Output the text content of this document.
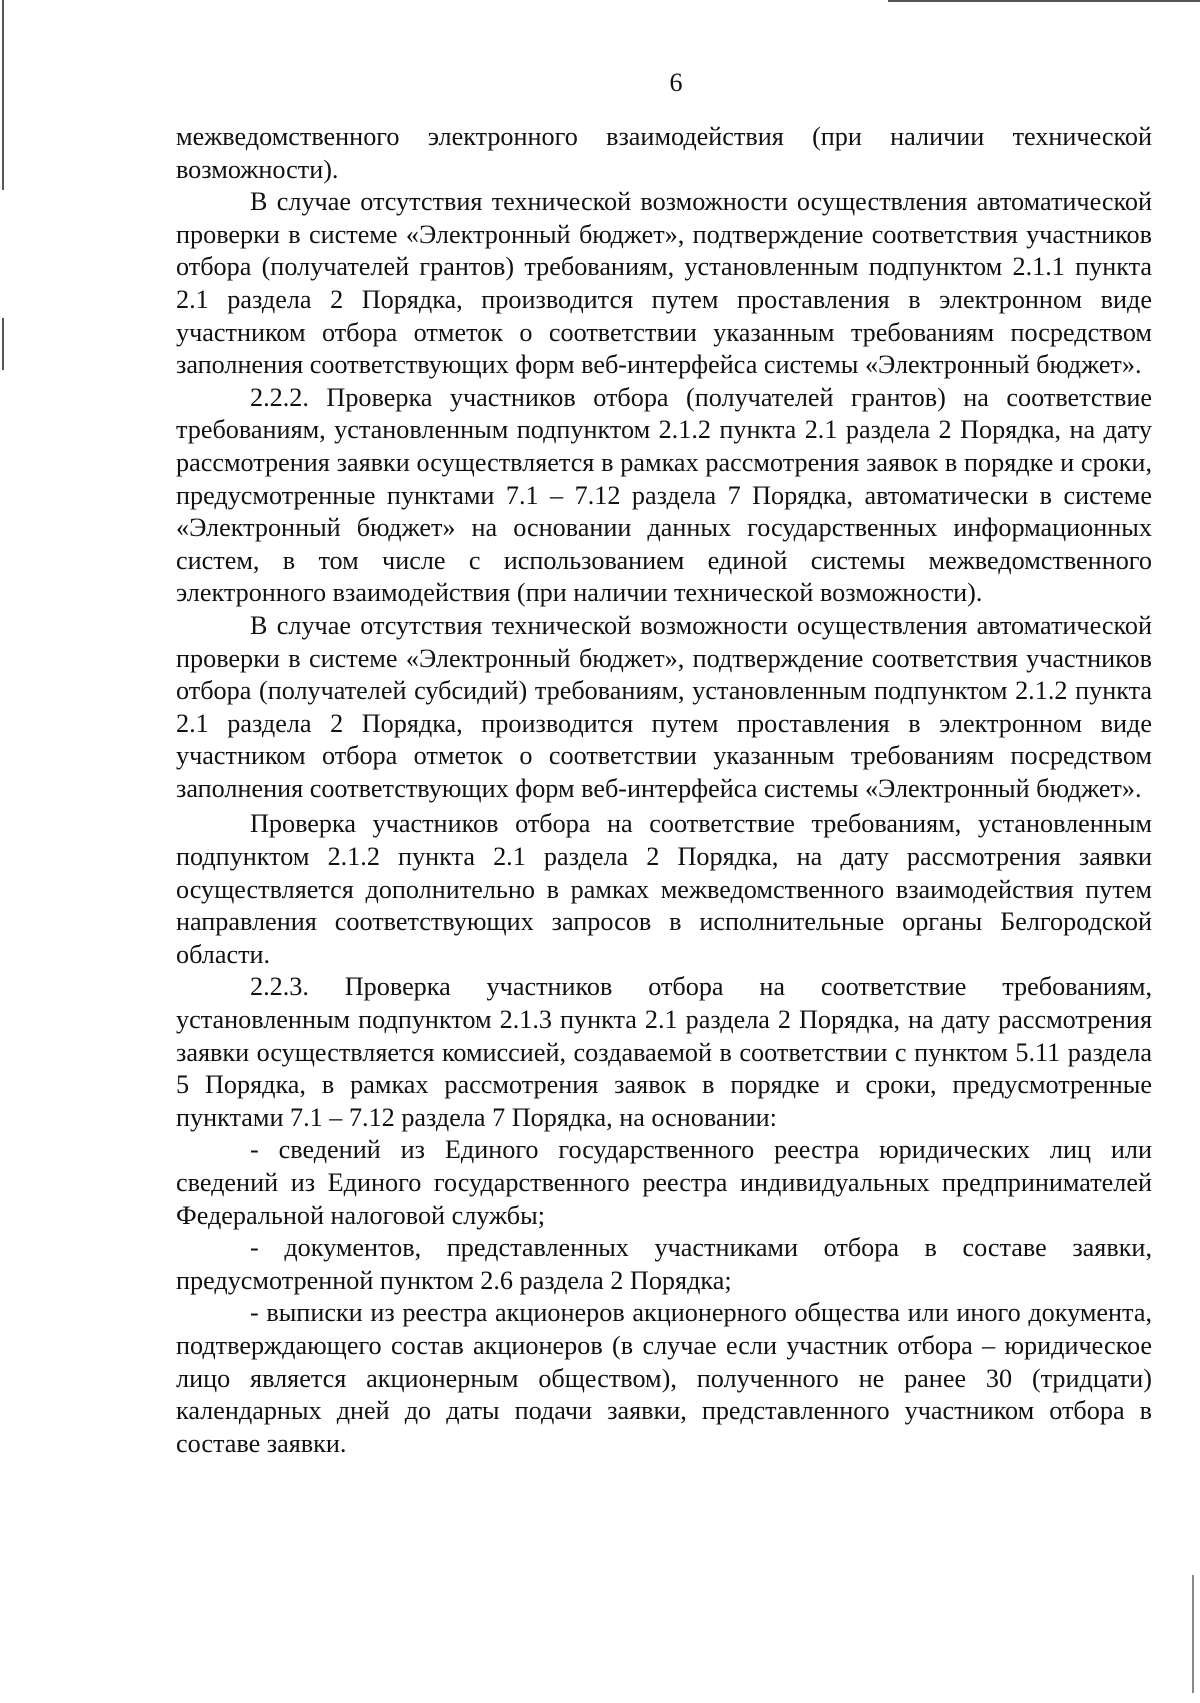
6

межведомственного электронного взаимодействия (при наличии технической возможности).

В случае отсутствия технической возможности осуществления автоматической проверки в системе «Электронный бюджет», подтверждение соответствия участников отбора (получателей грантов) требованиям, установленным подпунктом 2.1.1 пункта 2.1 раздела 2 Порядка, производится путем проставления в электронном виде участником отбора отметок о соответствии указанным требованиям посредством заполнения соответствующих форм веб-интерфейса системы «Электронный бюджет».

2.2.2. Проверка участников отбора (получателей грантов) на соответствие требованиям, установленным подпунктом 2.1.2 пункта 2.1 раздела 2 Порядка, на дату рассмотрения заявки осуществляется в рамках рассмотрения заявок в порядке и сроки, предусмотренные пунктами 7.1 – 7.12 раздела 7 Порядка, автоматически в системе «Электронный бюджет» на основании данных государственных информационных систем, в том числе с использованием единой системы межведомственного электронного взаимодействия (при наличии технической возможности).

В случае отсутствия технической возможности осуществления автоматической проверки в системе «Электронный бюджет», подтверждение соответствия участников отбора (получателей субсидий) требованиям, установленным подпунктом 2.1.2 пункта 2.1 раздела 2 Порядка, производится путем проставления в электронном виде участником отбора отметок о соответствии указанным требованиям посредством заполнения соответствующих форм веб-интерфейса системы «Электронный бюджет».

Проверка участников отбора на соответствие требованиям, установленным подпунктом 2.1.2 пункта 2.1 раздела 2 Порядка, на дату рассмотрения заявки осуществляется дополнительно в рамках межведомственного взаимодействия путем направления соответствующих запросов в исполнительные органы Белгородской области.

2.2.3. Проверка участников отбора на соответствие требованиям, установленным подпунктом 2.1.3 пункта 2.1 раздела 2 Порядка, на дату рассмотрения заявки осуществляется комиссией, создаваемой в соответствии с пунктом 5.11 раздела 5 Порядка, в рамках рассмотрения заявок в порядке и сроки, предусмотренные пунктами 7.1 – 7.12 раздела 7 Порядка, на основании:

- сведений из Единого государственного реестра юридических лиц или сведений из Единого государственного реестра индивидуальных предпринимателей Федеральной налоговой службы;

- документов, представленных участниками отбора в составе заявки, предусмотренной пунктом 2.6 раздела 2 Порядка;

- выписки из реестра акционеров акционерного общества или иного документа, подтверждающего состав акционеров (в случае если участник отбора – юридическое лицо является акционерным обществом), полученного не ранее 30 (тридцати) календарных дней до даты подачи заявки, представленного участником отбора в составе заявки.
